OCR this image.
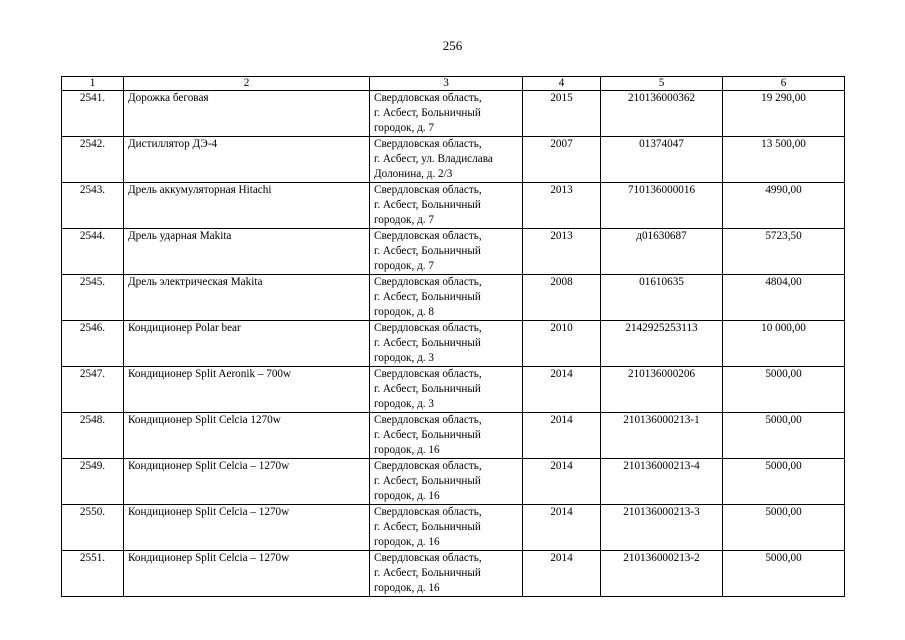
256
1	2	3	4	5	6
2541.	Дорожка беговая	Свердловская область,
г. Асбест, Больничный
городок, д. 7	2015	210136000362	19 290,00
2542.	Дистиллятор ДЭ-4	Свердловская область,
г. Асбест, ул. Владислава
Долонина, д. 2/3	2007	01374047	13 500,00
2543.	Дрель аккумуляторная Hitachi	Свердловская область,
г. Асбест, Больничный
городок, д. 7	2013	710136000016	4990,00
2544.	Дрель ударная Makita	Свердловская область,
г. Асбест, Больничный
городок, д. 7	2013	д01630687	5723,50
2545.	Дрель электрическая Makita	Свердловская область,
г. Асбест, Больничный
городок, д. 8	2008	01610635	4804,00
2546.	Кондиционер Polar bear	Свердловская область,
г. Асбест, Больничный
городок, д. 3	2010	2142925253113	10 000,00
2547.	Кондиционер Split Aeronik – 700w	Свердловская область,
г. Асбест, Больничный
городок, д. 3	2014	210136000206	5000,00
2548.	Кондиционер Split Celcia 1270w	Свердловская область,
г. Асбест, Больничный
городок, д. 16	2014	210136000213-1	5000,00
2549.	Кондиционер Split Celcia – 1270w	Свердловская область,
г. Асбест, Больничный
городок, д. 16	2014	210136000213-4	5000,00
2550.	Кондиционер Split Celcia – 1270w	Свердловская область,
г. Асбест, Больничный
городок, д. 16	2014	210136000213-3	5000,00
2551.	Кондиционер Split Celcia – 1270w	Свердловская область,
г. Асбест, Больничный
городок, д. 16	2014	210136000213-2	5000,00
